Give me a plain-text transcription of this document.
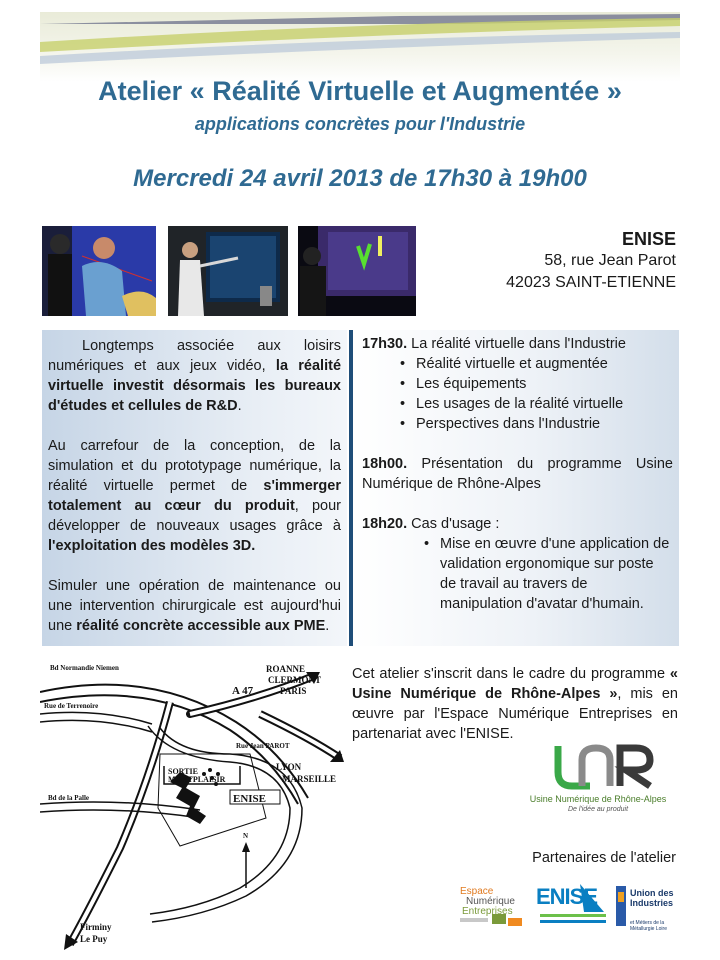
Atelier « Réalité Virtuelle et Augmentée »
applications concrètes pour l'Industrie
Mercredi 24 avril 2013 de 17h30 à 19h00
ENISE
58, rue Jean Parot
42023 SAINT-ETIENNE

Longtemps associée aux loisirs numériques et aux jeux vidéo, la réalité virtuelle investit désormais les bureaux d'études et cellules de R&D.

Au carrefour de la conception, de la simulation et du prototypage numérique, la réalité virtuelle permet de s'immerger totalement au cœur du produit, pour développer de nouveaux usages grâce à l'exploitation des modèles 3D.

Simuler une opération de maintenance ou une intervention chirurgicale est aujourd'hui une réalité concrète accessible aux PME.

17h30. La réalité virtuelle dans l'Industrie
• Réalité virtuelle et augmentée
• Les équipements
• Les usages de la réalité virtuelle
• Perspectives dans l'Industrie
18h00. Présentation du programme Usine Numérique de Rhône-Alpes
18h20. Cas d'usage :
• Mise en œuvre d'une application de validation ergonomique sur poste de travail au travers de manipulation d'avatar d'humain.
Bd Normandie Niemen
Rue de Terrenoire
ROANNE
CLERMONT
PARIS
A 47
SORTIE
MONTPLAISIR
Rue Jean PAROT
LYON
MARSEILLE
Bd de la Palle	ENISE
N
Firminy
Le Puy
Cet atelier s'inscrit dans le cadre du programme « Usine Numérique de Rhône-Alpes », mis en œuvre par l'Espace Numérique Entreprises en partenariat avec l'ENISE.
Usine Numérique de Rhône-Alpes
De l'idée au produit
Partenaires de l'atelier
Espace
Numérique
Entreprises
ENISE	Union des
Industries
et Métiers de la Métallurgie Loire
